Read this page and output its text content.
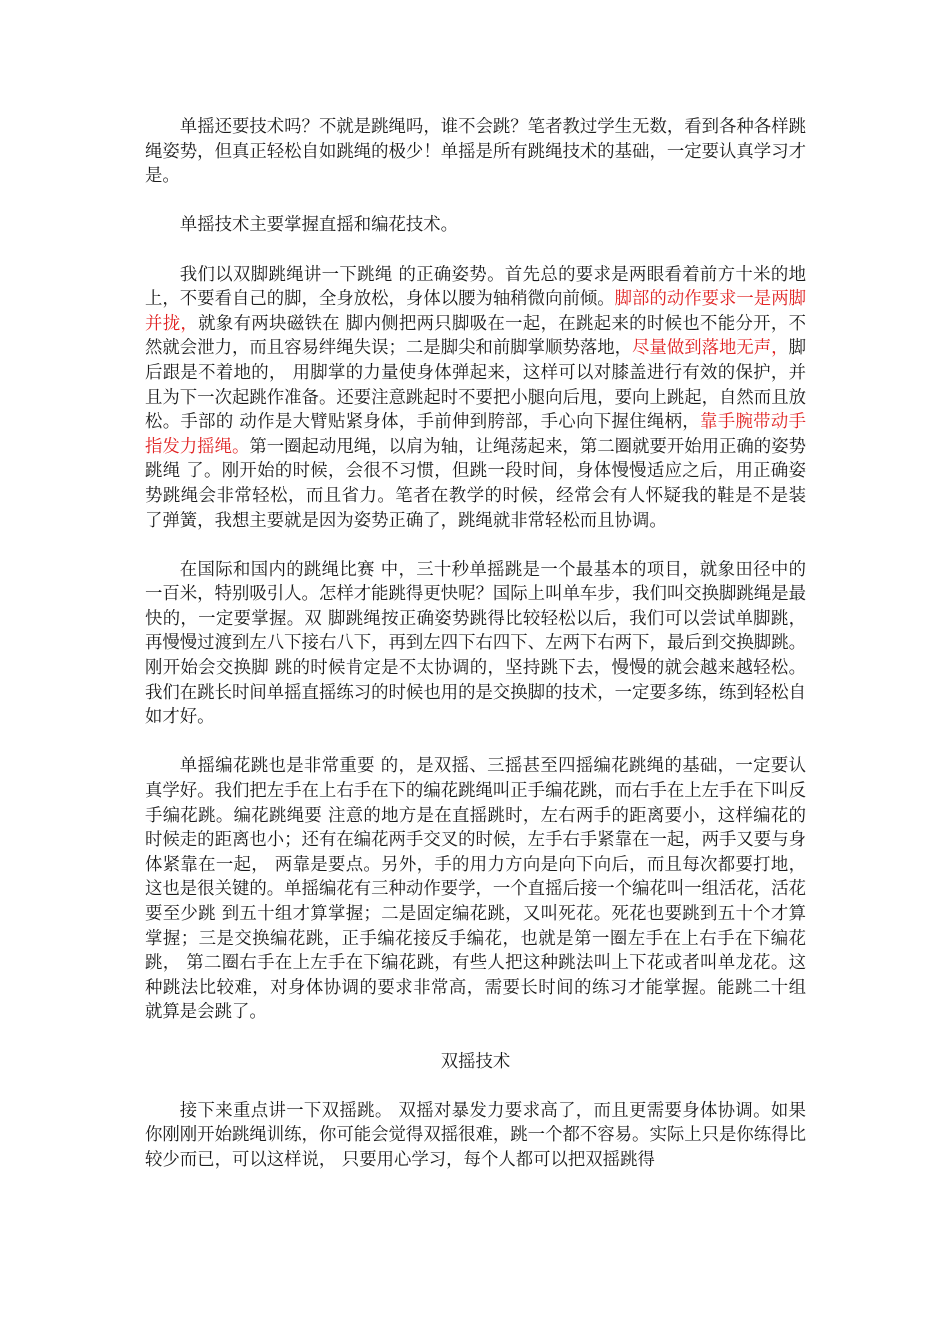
单摇还要技术吗？不就是跳绳吗，谁不会跳？笔者教过学生无数，看到各种各样跳绳姿势，但真正轻松自如跳绳的极少！单摇是所有跳绳技术的基础，一定要认真学习才是。

单摇技术主要掌握直摇和编花技术。

我们以双脚跳绳讲一下跳绳 的正确姿势。首先总的要求是两眼看着前方十米的地上，不要看自己的脚，全身放松，身体以腰为轴稍微向前倾。脚部的动作要求一是两脚并拢，就象有两块磁铁在 脚内侧把两只脚吸在一起，在跳起来的时候也不能分开，不然就会泄力，而且容易绊绳失误；二是脚尖和前脚掌顺势落地，尽量做到落地无声，脚后跟是不着地的， 用脚掌的力量使身体弹起来，这样可以对膝盖进行有效的保护，并且为下一次起跳作准备。还要注意跳起时不要把小腿向后甩，要向上跳起，自然而且放松。手部的 动作是大臂贴紧身体，手前伸到胯部，手心向下握住绳柄，靠手腕带动手指发力摇绳。第一圈起动甩绳，以肩为轴，让绳荡起来，第二圈就要开始用正确的姿势跳绳 了。刚开始的时候，会很不习惯，但跳一段时间，身体慢慢适应之后，用正确姿势跳绳会非常轻松，而且省力。笔者在教学的时候，经常会有人怀疑我的鞋是不是装 了弹簧，我想主要就是因为姿势正确了，跳绳就非常轻松而且协调。

在国际和国内的跳绳比赛 中，三十秒单摇跳是一个最基本的项目，就象田径中的一百米，特别吸引人。怎样才能跳得更快呢？国际上叫单车步，我们叫交换脚跳绳是最快的，一定要掌握。双 脚跳绳按正确姿势跳得比较轻松以后，我们可以尝试单脚跳，再慢慢过渡到左八下接右八下，再到左四下右四下、左两下右两下，最后到交换脚跳。刚开始会交换脚 跳的时候肯定是不太协调的，坚持跳下去，慢慢的就会越来越轻松。我们在跳长时间单摇直摇练习的时候也用的是交换脚的技术，一定要多练，练到轻松自如才好。

单摇编花跳也是非常重要 的，是双摇、三摇甚至四摇编花跳绳的基础，一定要认真学好。我们把左手在上右手在下的编花跳绳叫正手编花跳，而右手在上左手在下叫反手编花跳。编花跳绳要 注意的地方是在直摇跳时，左右两手的距离要小，这样编花的时候走的距离也小；还有在编花两手交叉的时候，左手右手紧靠在一起，两手又要与身体紧靠在一起， 两靠是要点。另外，手的用力方向是向下向后，而且每次都要打地，这也是很关键的。单摇编花有三种动作要学，一个直摇后接一个编花叫一组活花，活花要至少跳 到五十组才算掌握；二是固定编花跳，又叫死花。死花也要跳到五十个才算掌握；三是交换编花跳，正手编花接反手编花，也就是第一圈左手在上右手在下编花跳， 第二圈右手在上左手在下编花跳，有些人把这种跳法叫上下花或者叫单龙花。这种跳法比较难，对身体协调的要求非常高，需要长时间的练习才能掌握。能跳二十组 就算是会跳了。

双摇技术

接下来重点讲一下双摇跳。 双摇对暴发力要求高了，而且更需要身体协调。如果你刚刚开始跳绳训练，你可能会觉得双摇很难，跳一个都不容易。实际上只是你练得比较少而已，可以这样说， 只要用心学习，每个人都可以把双摇跳得
